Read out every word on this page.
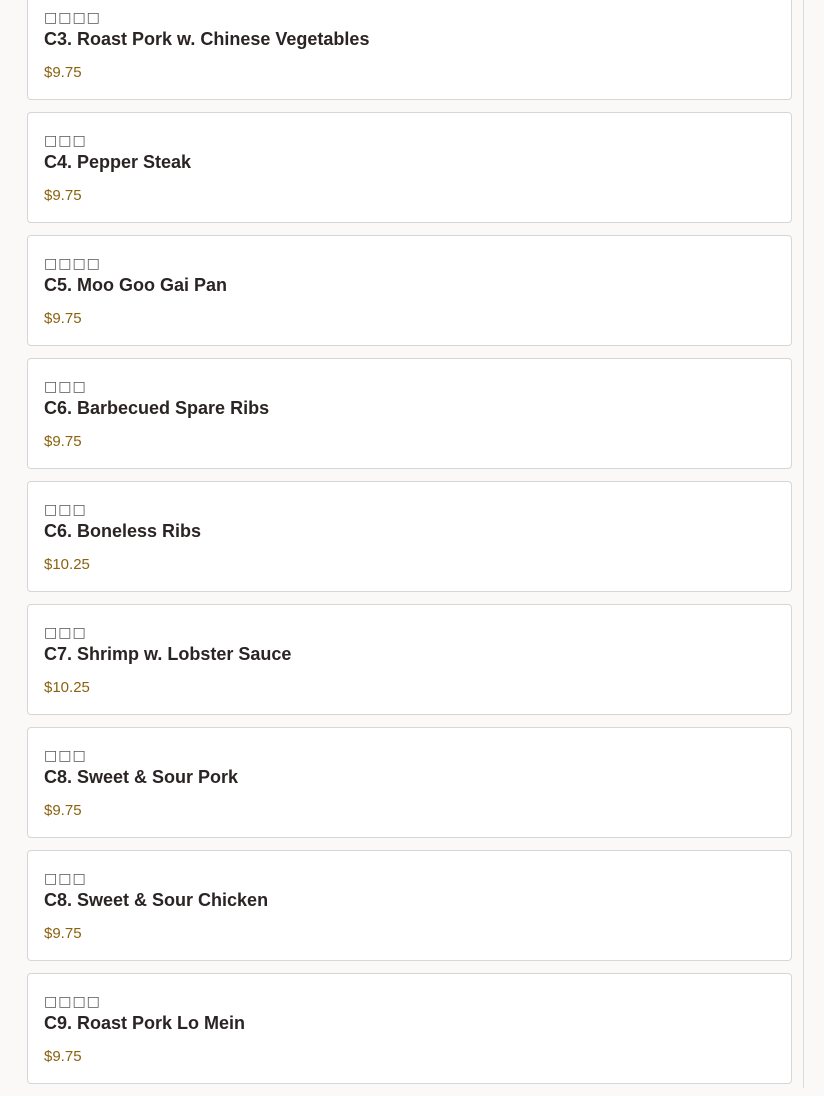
□□□□
C3. Roast Pork w. Chinese Vegetables
$9.75
□□□
C4. Pepper Steak
$9.75
□□□□
C5. Moo Goo Gai Pan
$9.75
□□□
C6. Barbecued Spare Ribs
$9.75
□□□
C6. Boneless Ribs
$10.25
□□□
C7. Shrimp w. Lobster Sauce
$10.25
□□□
C8. Sweet & Sour Pork
$9.75
□□□
C8. Sweet & Sour Chicken
$9.75
□□□□
C9. Roast Pork Lo Mein
$9.75
